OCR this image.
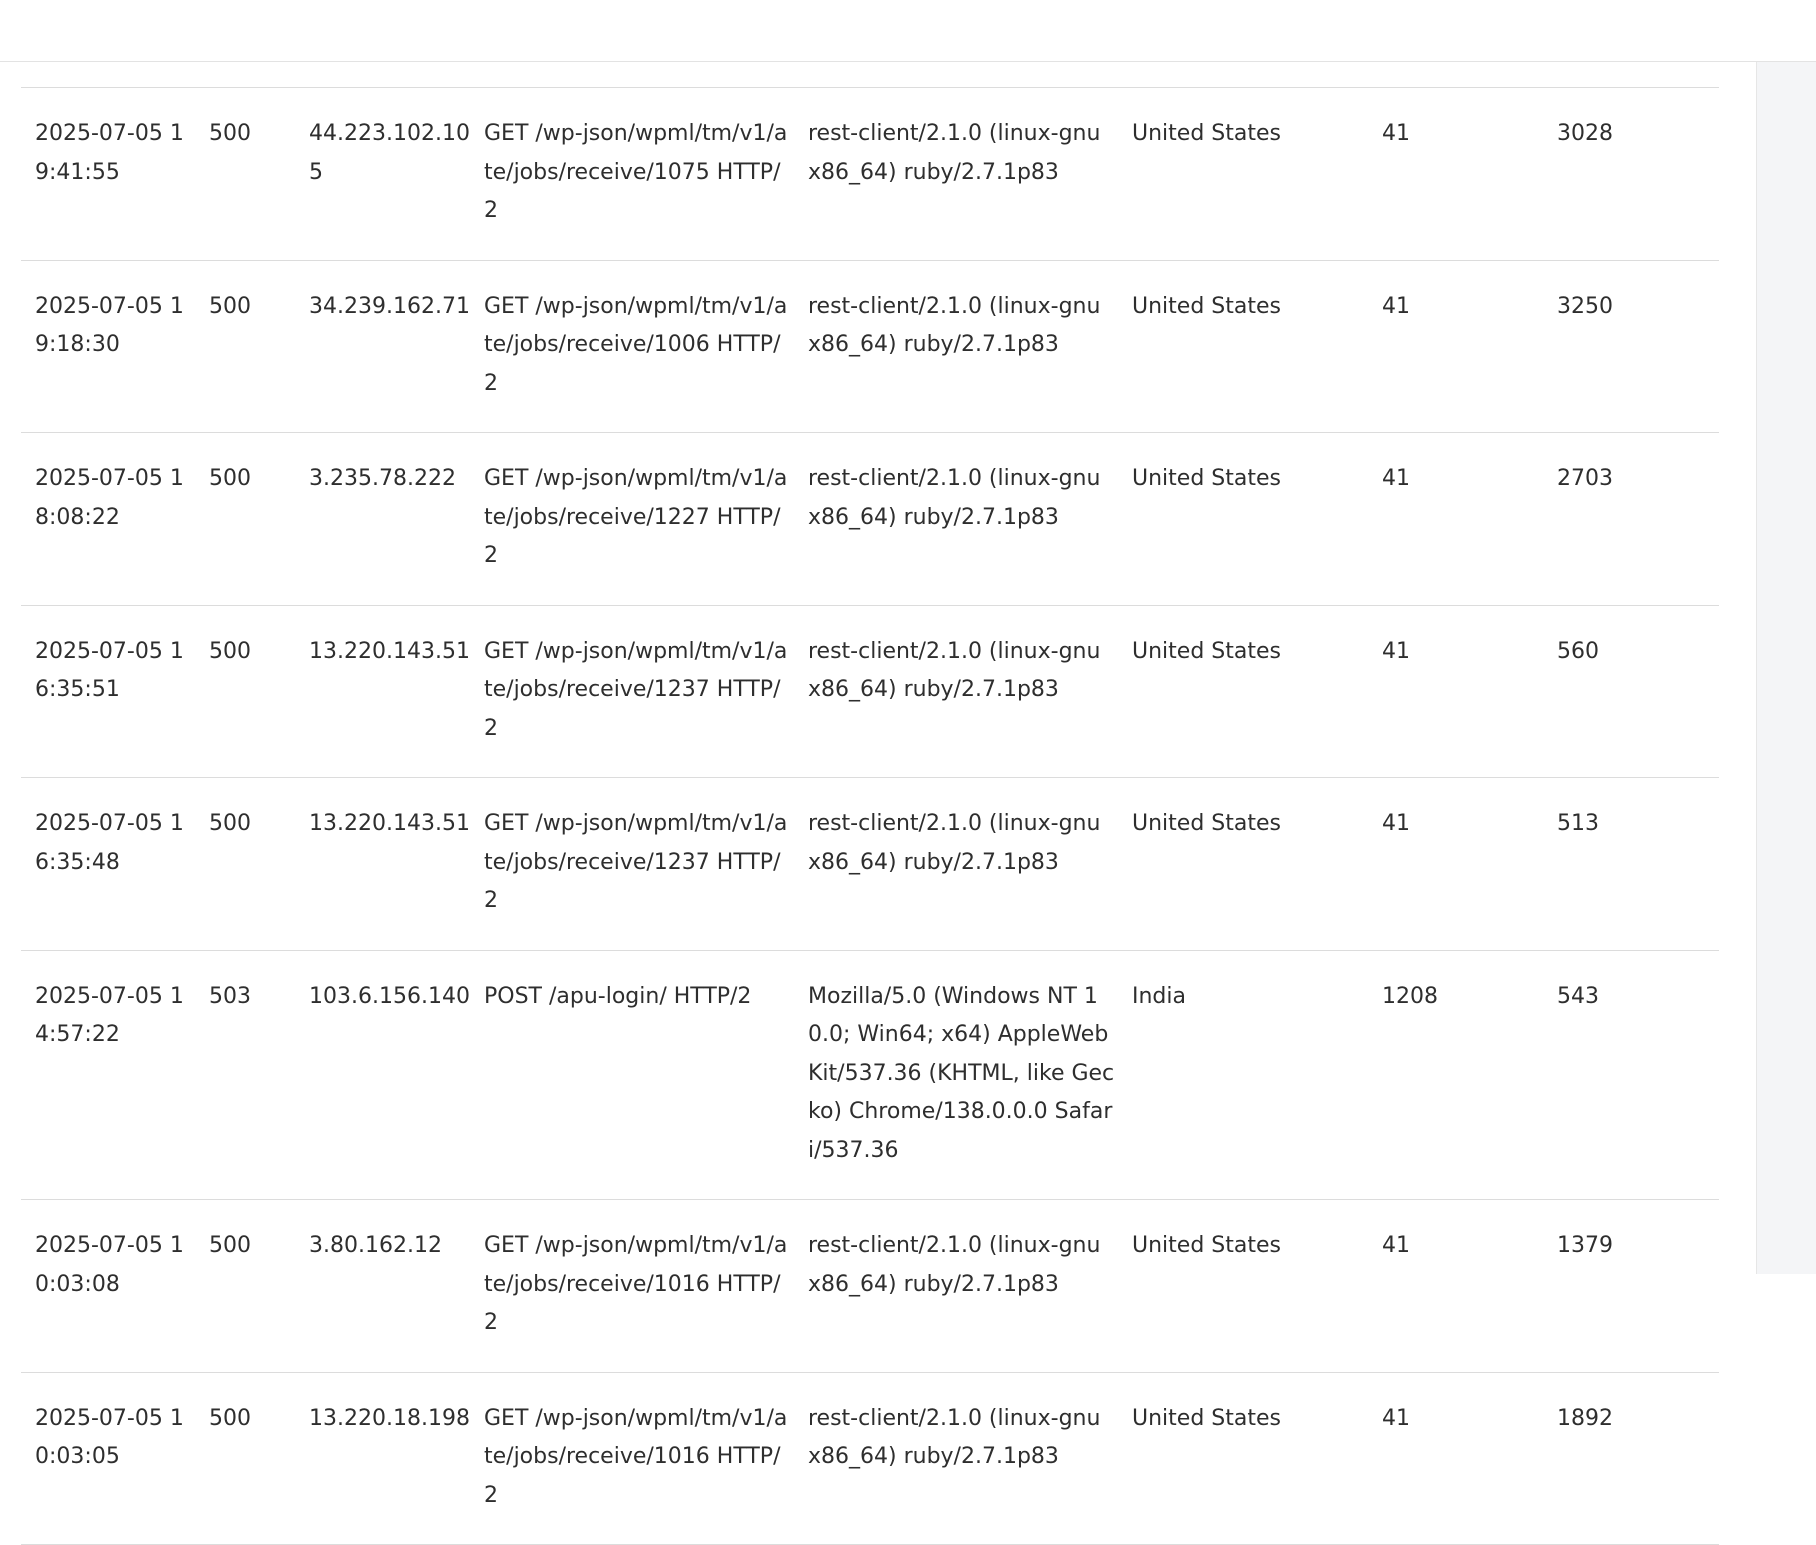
2025-07-05 19:41:55	500	44.223.102.105	GET /wp-json/wpml/tm/v1/ate/jobs/receive/1075 HTTP/2	rest-client/2.1.0 (linux-gnu x86_64) ruby/2.7.1p83	United States	41	3028
2025-07-05 19:18:30	500	34.239.162.71	GET /wp-json/wpml/tm/v1/ate/jobs/receive/1006 HTTP/2	rest-client/2.1.0 (linux-gnu x86_64) ruby/2.7.1p83	United States	41	3250
2025-07-05 18:08:22	500	3.235.78.222	GET /wp-json/wpml/tm/v1/ate/jobs/receive/1227 HTTP/2	rest-client/2.1.0 (linux-gnu x86_64) ruby/2.7.1p83	United States	41	2703
2025-07-05 16:35:51	500	13.220.143.51	GET /wp-json/wpml/tm/v1/ate/jobs/receive/1237 HTTP/2	rest-client/2.1.0 (linux-gnu x86_64) ruby/2.7.1p83	United States	41	560
2025-07-05 16:35:48	500	13.220.143.51	GET /wp-json/wpml/tm/v1/ate/jobs/receive/1237 HTTP/2	rest-client/2.1.0 (linux-gnu x86_64) ruby/2.7.1p83	United States	41	513
2025-07-05 14:57:22	503	103.6.156.140	POST /apu-login/ HTTP/2	Mozilla/5.0 (Windows NT 10.0; Win64; x64) AppleWebKit/537.36 (KHTML, like Gecko) Chrome/138.0.0.0 Safari/537.36	India	1208	543
2025-07-05 10:03:08	500	3.80.162.12	GET /wp-json/wpml/tm/v1/ate/jobs/receive/1016 HTTP/2	rest-client/2.1.0 (linux-gnu x86_64) ruby/2.7.1p83	United States	41	1379
2025-07-05 10:03:05	500	13.220.18.198	GET /wp-json/wpml/tm/v1/ate/jobs/receive/1016 HTTP/2	rest-client/2.1.0 (linux-gnu x86_64) ruby/2.7.1p83	United States	41	1892
